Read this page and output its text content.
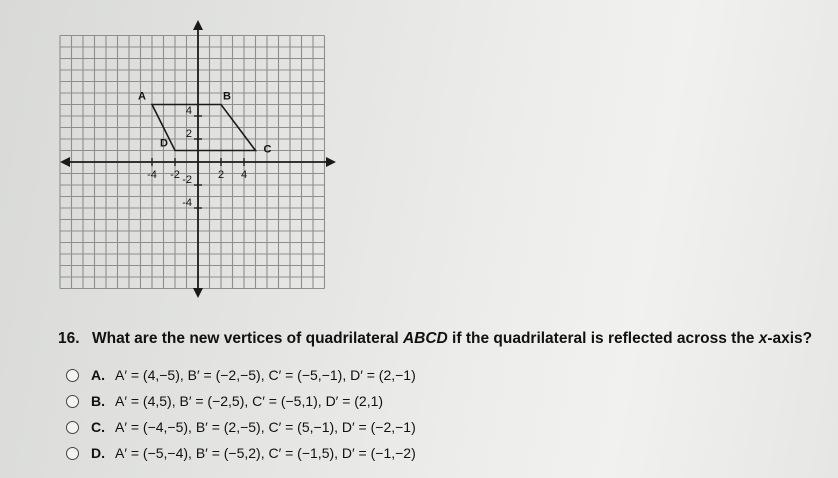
-4 -2	2 4
4
2
-2
-4
A	B
C
D
16. What are the new vertices of quadrilateral ABCD if the quadrilateral is reflected across the x-axis?
A. A′ = (4,−5), B′ = (−2,−5), C′ = (−5,−1), D′ = (2,−1)
B. A′ = (4,5), B′ = (−2,5), C′ = (−5,1), D′ = (2,1)
C. A′ = (−4,−5), B′ = (2,−5), C′ = (5,−1), D′ = (−2,−1)
D. A′ = (−5,−4), B′ = (−5,2), C′ = (−1,5), D′ = (−1,−2)
